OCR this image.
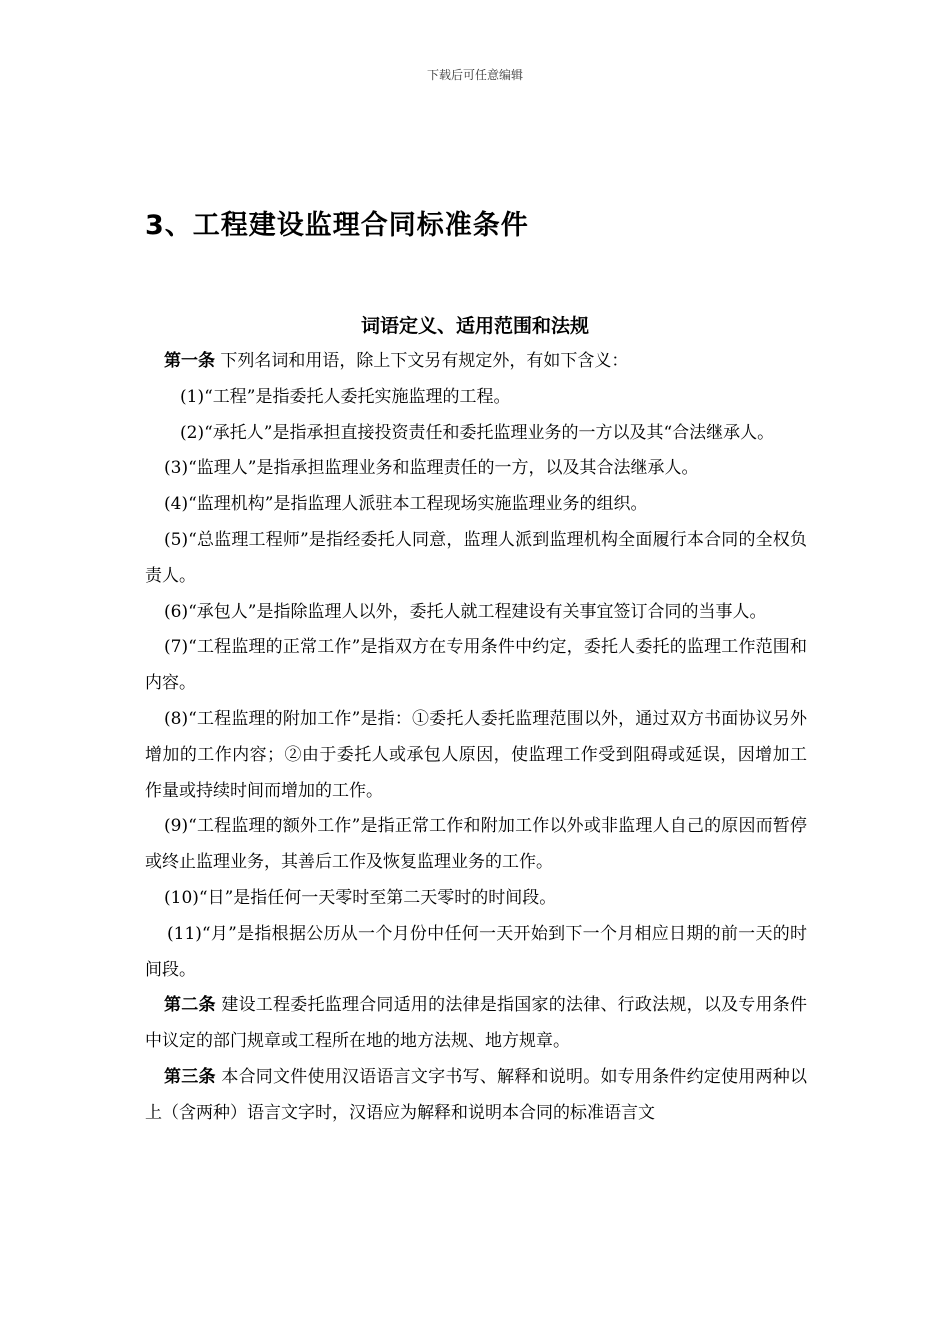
下载后可任意编辑
3、工程建设监理合同标准条件
词语定义、适用范围和法规

第一条 下列名词和用语，除上下文另有规定外，有如下含义：

(1)“工程”是指委托人委托实施监理的工程。

(2)“承托人”是指承担直接投资责任和委托监理业务的一方以及其“合法继承人。

(3)“监理人”是指承担监理业务和监理责任的一方，以及其合法继承人。

(4)“监理机构”是指监理人派驻本工程现场实施监理业务的组织。

(5)“总监理工程师”是指经委托人同意，监理人派到监理机构全面履行本合同的全权负责人。

(6)“承包人”是指除监理人以外，委托人就工程建设有关事宜签订合同的当事人。

(7)“工程监理的正常工作”是指双方在专用条件中约定，委托人委托的监理工作范围和内容。

(8)“工程监理的附加工作”是指：①委托人委托监理范围以外，通过双方书面协议另外增加的工作内容；②由于委托人或承包人原因，使监理工作受到阻碍或延误，因增加工作量或持续时间而增加的工作。

(9)“工程监理的额外工作”是指正常工作和附加工作以外或非监理人自己的原因而暂停或终止监理业务，其善后工作及恢复监理业务的工作。

(10)“日”是指任何一天零时至第二天零时的时间段。

(11)“月”是指根据公历从一个月份中任何一天开始到下一个月相应日期的前一天的时间段。

第二条 建设工程委托监理合同适用的法律是指国家的法律、行政法规，以及专用条件中议定的部门规章或工程所在地的地方法规、地方规章。

第三条 本合同文件使用汉语语言文字书写、解释和说明。如专用条件约定使用两种以上（含两种）语言文字时，汉语应为解释和说明本合同的标准语言文
